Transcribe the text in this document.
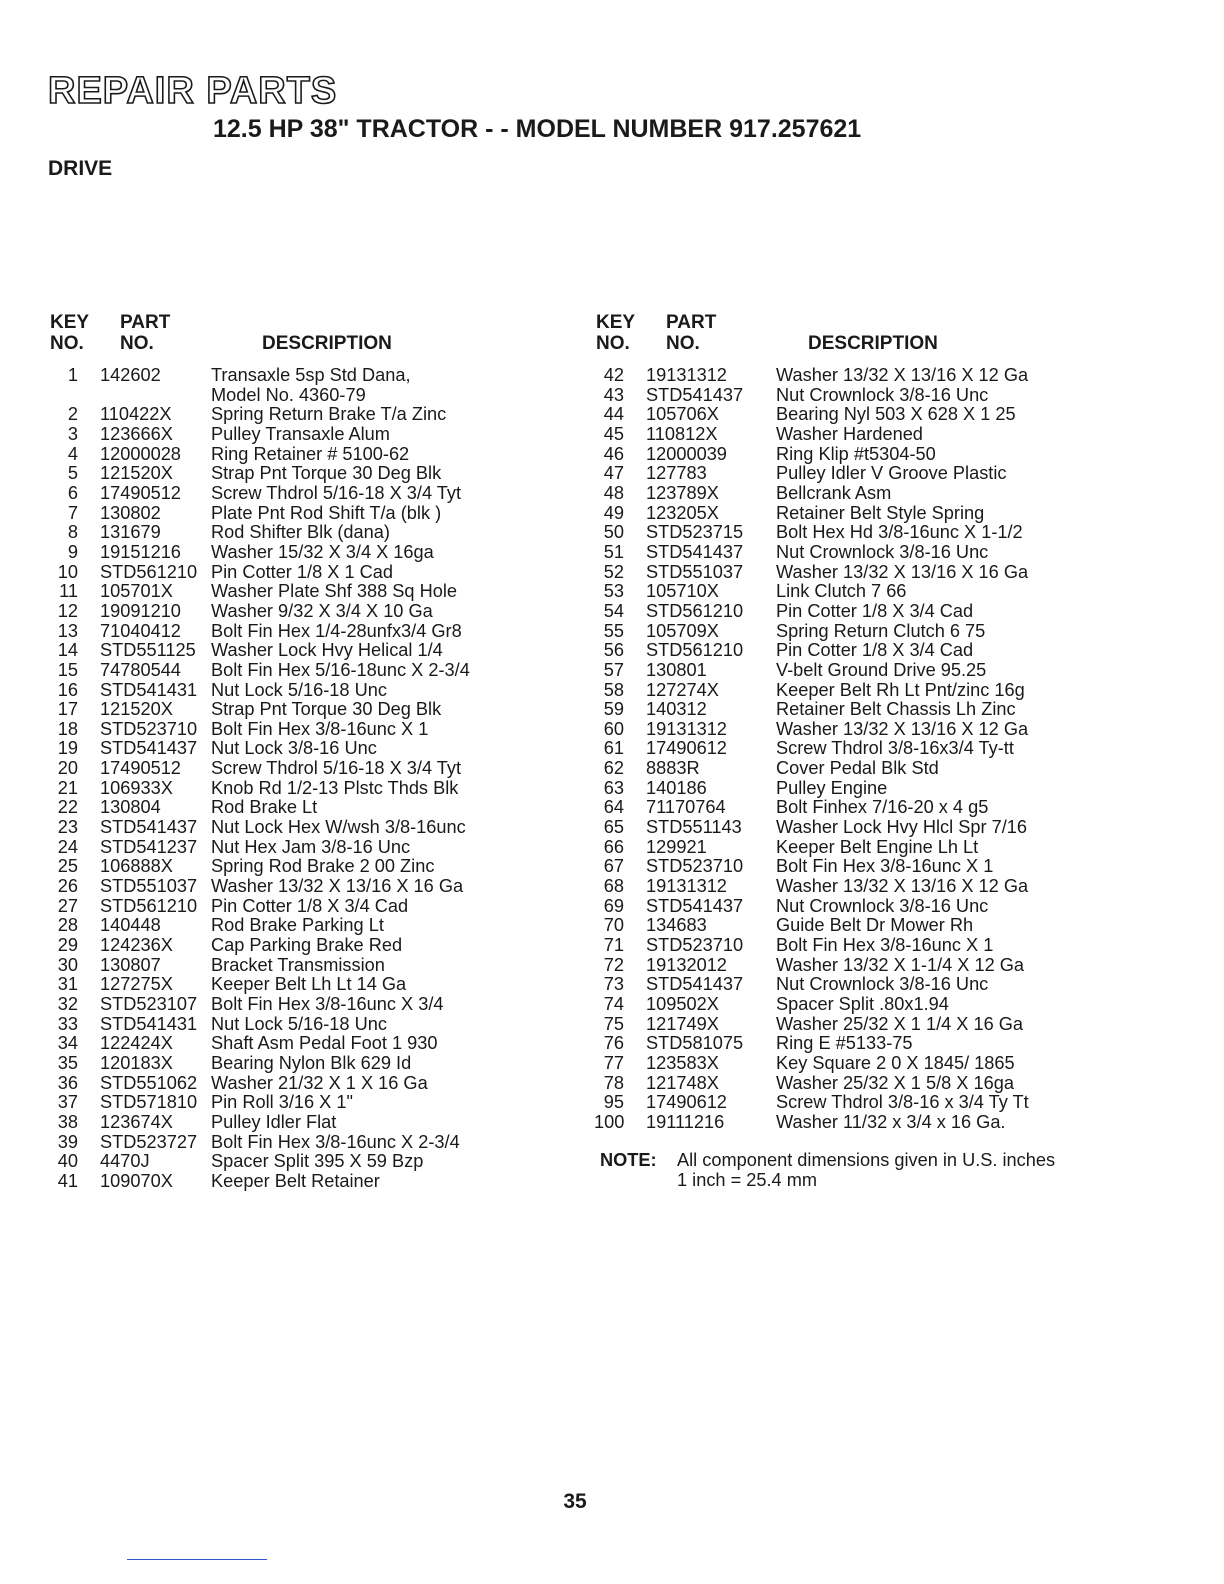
REPAIR PARTS
12.5 HP 38" TRACTOR - - MODEL NUMBER 917.257621
DRIVE
KEY
NO.
PART
NO.	DESCRIPTION
1	142602	Transaxle 5sp Std Dana,
Model No. 4360-79
2	110422X	Spring Return Brake T/a Zinc
3	123666X	Pulley Transaxle Alum
4	12000028	Ring Retainer # 5100-62
5	121520X	Strap Pnt Torque 30 Deg Blk
6	17490512	Screw Thdrol 5/16-18 X 3/4 Tyt
7	130802	Plate Pnt Rod Shift T/a (blk )
8	131679	Rod Shifter Blk (dana)
9	19151216	Washer 15/32 X 3/4 X 16ga
10	STD561210 Pin Cotter 1/8 X 1 Cad
11	105701X	Washer Plate Shf 388 Sq Hole
12	19091210	Washer 9/32 X 3/4 X 10 Ga
13	71040412	Bolt Fin Hex 1/4-28unfx3/4 Gr8
14	STD551125 Washer Lock Hvy Helical 1/4
15	74780544	Bolt Fin Hex 5/16-18unc X 2-3/4
16	STD541431 Nut Lock 5/16-18 Unc
17	121520X	Strap Pnt Torque 30 Deg Blk
18	STD523710 Bolt Fin Hex 3/8-16unc X 1
19	STD541437 Nut Lock 3/8-16 Unc
20	17490512	Screw Thdrol 5/16-18 X 3/4 Tyt
21	106933X	Knob Rd 1/2-13 Plstc Thds Blk
22	130804	Rod Brake Lt
23	STD541437 Nut Lock Hex W/wsh 3/8-16unc
24	STD541237 Nut Hex Jam 3/8-16 Unc
25	106888X	Spring Rod Brake 2 00 Zinc
26	STD551037 Washer 13/32 X 13/16 X 16 Ga
27	STD561210 Pin Cotter 1/8 X 3/4 Cad
28	140448	Rod Brake Parking Lt
29	124236X	Cap Parking Brake Red
30	130807	Bracket Transmission
31	127275X	Keeper Belt Lh Lt 14 Ga
32	STD523107 Bolt Fin Hex 3/8-16unc X 3/4
33	STD541431 Nut Lock 5/16-18 Unc
34	122424X	Shaft Asm Pedal Foot 1 930
35	120183X	Bearing Nylon Blk 629 Id
36	STD551062 Washer 21/32 X 1 X 16 Ga
37	STD571810 Pin Roll 3/16 X 1"
38	123674X	Pulley Idler Flat
39	STD523727 Bolt Fin Hex 3/8-16unc X 2-3/4
40	4470J	Spacer Split 395 X 59 Bzp
41	109070X	Keeper Belt Retainer
KEY
NO.
PART
NO.	DESCRIPTION
42	19131312	Washer 13/32 X 13/16 X 12 Ga
43	STD541437	Nut Crownlock 3/8-16 Unc
44	105706X	Bearing Nyl 503 X 628 X 1 25
45	110812X	Washer Hardened
46	12000039	Ring Klip #t5304-50
47	127783	Pulley Idler V Groove Plastic
48	123789X	Bellcrank Asm
49	123205X	Retainer Belt Style Spring
50	STD523715	Bolt Hex Hd 3/8-16unc X 1-1/2
51	STD541437	Nut Crownlock 3/8-16 Unc
52	STD551037	Washer 13/32 X 13/16 X 16 Ga
53	105710X	Link Clutch 7 66
54	STD561210	Pin Cotter 1/8 X 3/4 Cad
55	105709X	Spring Return Clutch 6 75
56	STD561210	Pin Cotter 1/8 X 3/4 Cad
57	130801	V-belt Ground Drive 95.25
58	127274X	Keeper Belt Rh Lt Pnt/zinc 16g
59	140312	Retainer Belt Chassis Lh Zinc
60	19131312	Washer 13/32 X 13/16 X 12 Ga
61	17490612	Screw Thdrol 3/8-16x3/4 Ty-tt
62	8883R	Cover Pedal Blk Std
63	140186	Pulley Engine
64	71170764	Bolt Finhex 7/16-20 x 4 g5
65	STD551143	Washer Lock Hvy Hlcl Spr 7/16
66	129921	Keeper Belt Engine Lh Lt
67	STD523710	Bolt Fin Hex 3/8-16unc X 1
68	19131312	Washer 13/32 X 13/16 X 12 Ga
69	STD541437	Nut Crownlock 3/8-16 Unc
70	134683	Guide Belt Dr Mower Rh
71	STD523710	Bolt Fin Hex 3/8-16unc X 1
72	19132012	Washer 13/32 X 1-1/4 X 12 Ga
73	STD541437	Nut Crownlock 3/8-16 Unc
74	109502X	Spacer Split .80x1.94
75	121749X	Washer 25/32 X 1 1/4 X 16 Ga
76	STD581075	Ring E #5133-75
77	123583X	Key Square 2 0 X 1845/ 1865
78	121748X	Washer 25/32 X 1 5/8 X 16ga
95	17490612	Screw Thdrol 3/8-16 x 3/4 Ty Tt
100	19111216	Washer 11/32 x 3/4 x 16 Ga.
NOTE: All component dimensions given in U.S. inches
1 inch = 25.4 mm
35
